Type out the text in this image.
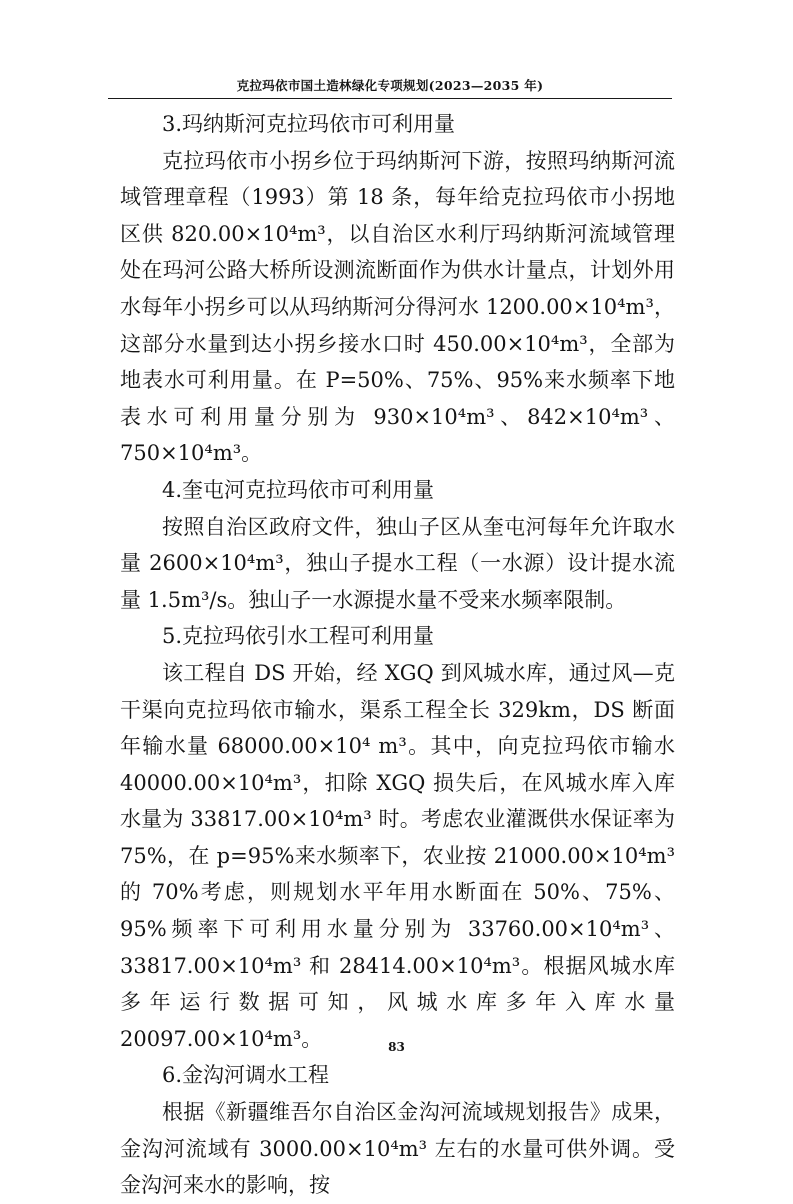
克拉玛依市国土造林绿化专项规划(2023—2035 年)

3.玛纳斯河克拉玛依市可利用量

克拉玛依市小拐乡位于玛纳斯河下游，按照玛纳斯河流域管理章程（1993）第 18 条，每年给克拉玛依市小拐地区供 820.00×10⁴m³，以自治区水利厅玛纳斯河流域管理处在玛河公路大桥所设测流断面作为供水计量点，计划外用水每年小拐乡可以从玛纳斯河分得河水 1200.00×10⁴m³，这部分水量到达小拐乡接水口时 450.00×10⁴m³，全部为地表水可利用量。在 P=50%、75%、95%来水频率下地表水可利用量分别为 930×10⁴m³、842×10⁴m³、750×10⁴m³。

4.奎屯河克拉玛依市可利用量

按照自治区政府文件，独山子区从奎屯河每年允许取水量 2600×10⁴m³，独山子提水工程（一水源）设计提水流量 1.5m³/s。独山子一水源提水量不受来水频率限制。

5.克拉玛依引水工程可利用量

该工程自 DS 开始，经 XGQ 到风城水库，通过风—克干渠向克拉玛依市输水，渠系工程全长 329km，DS 断面年输水量 68000.00×10⁴ m³。其中，向克拉玛依市输水 40000.00×10⁴m³，扣除 XGQ 损失后，在风城水库入库水量为 33817.00×10⁴m³ 时。考虑农业灌溉供水保证率为 75%，在 p=95%来水频率下，农业按 21000.00×10⁴m³ 的 70%考虑，则规划水平年用水断面在 50%、75%、95%频率下可利用水量分别为 33760.00×10⁴m³、33817.00×10⁴m³ 和 28414.00×10⁴m³。根据风城水库多年运行数据可知，风城水库多年入库水量 20097.00×10⁴m³。

6.金沟河调水工程

根据《新疆维吾尔自治区金沟河流域规划报告》成果，金沟河流域有 3000.00×10⁴m³ 左右的水量可供外调。受金沟河来水的影响，按

83
